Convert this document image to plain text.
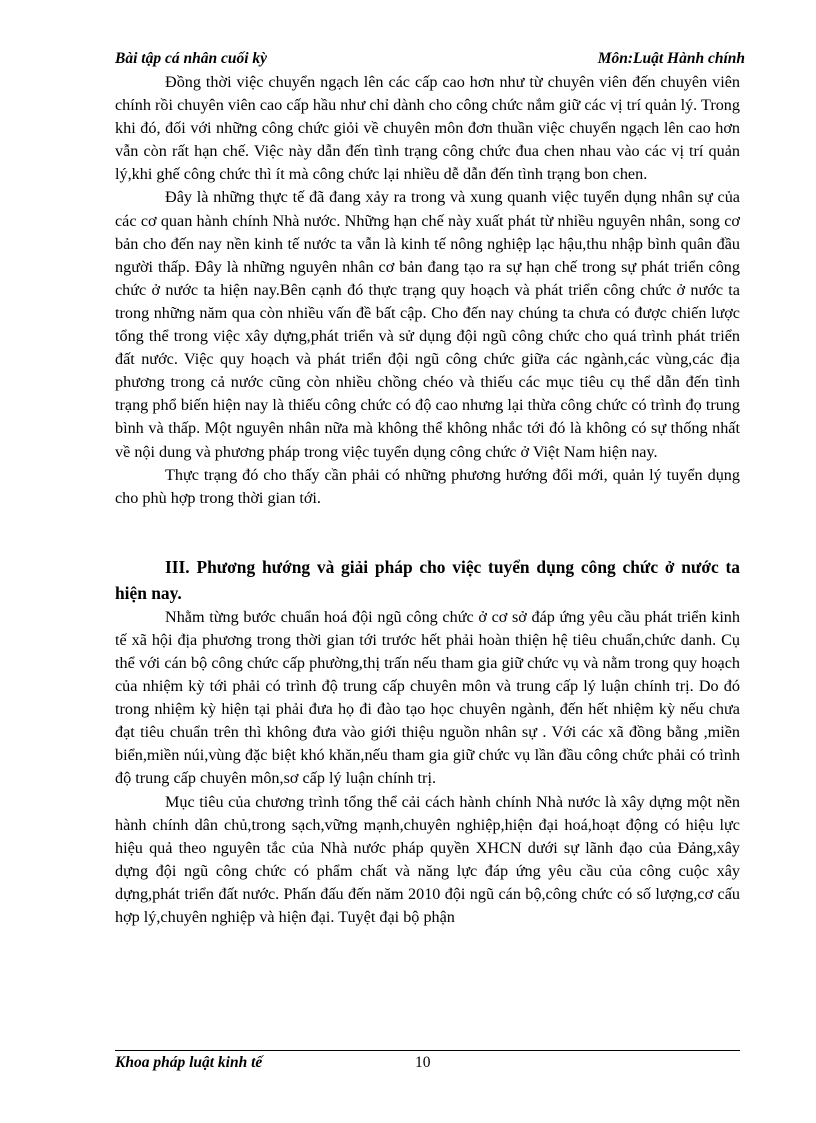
Bài tập cá nhân cuối kỳ	Môn:Luật Hành chính

Đồng thời việc chuyển ngạch lên các cấp cao hơn như từ chuyên viên đến chuyên viên chính rồi chuyên viên cao cấp hầu như chỉ dành cho công chức nắm giữ các vị trí quản lý. Trong khi đó, đối với những công chức giỏi về chuyên môn đơn thuần việc chuyển ngạch lên cao hơn vẫn còn rất hạn chế. Việc này dẫn đến tình trạng công chức đua chen nhau vào các vị trí quản lý,khi ghế công chức thì ít mà công chức lại nhiều dễ dẫn đến tình trạng bon chen.

Đây là những thực tế đã đang xảy ra trong và xung quanh việc tuyển dụng nhân sự của các cơ quan hành chính Nhà nước. Những hạn chế này xuất phát từ nhiều nguyên nhân, song cơ bản cho đến nay nền kinh tế nước ta vẫn là kinh tế nông nghiệp lạc hậu,thu nhập bình quân đầu người thấp. Đây là những nguyên nhân cơ bản đang tạo ra sự hạn chế trong sự phát triển công chức ở nước ta hiện nay.Bên cạnh đó thực trạng quy hoạch và phát triển công chức ở nước ta trong những năm qua còn nhiều vấn đề bất cập. Cho đến nay chúng ta chưa có được chiến lược tổng thể trong việc xây dựng,phát triển và sử dụng đội ngũ công chức cho quá trình phát triển đất nước. Việc quy hoạch và phát triển đội ngũ công chức giữa các ngành,các vùng,các địa phương trong cả nước cũng còn nhiều chồng chéo và thiếu các mục tiêu cụ thể dẫn đến tình trạng phổ biến hiện nay là thiếu công chức có độ cao nhưng lại thừa công chức có trình đọ trung bình và thấp. Một nguyên nhân nữa mà không thể không nhắc tới đó là không có sự thống nhất về nội dung và phương pháp trong việc tuyển dụng công chức ở Việt Nam hiện nay.

Thực trạng đó cho thấy cần phải có những phương hướng đổi mới, quản lý tuyển dụng cho phù hợp trong thời gian tới.

III. Phương hướng và giải pháp cho việc tuyển dụng công chức ở nước ta hiện nay.

Nhằm từng bước chuẩn hoá đội ngũ công chức ở cơ sở đáp ứng yêu cầu phát triển kinh tế xã hội địa phương trong thời gian tới trước hết phải hoàn thiện hệ tiêu chuẩn,chức danh. Cụ thể với cán bộ công chức cấp phường,thị trấn nếu tham gia giữ chức vụ và nằm trong quy hoạch của nhiệm kỳ tới phải có trình độ trung cấp chuyên môn và trung cấp lý luận chính trị. Do đó trong nhiệm kỳ hiện tại phải đưa họ đi đào tạo học chuyên ngành, đến hết nhiệm kỳ nếu chưa đạt tiêu chuẩn trên thì không đưa vào giới thiệu nguồn nhân sự . Với các xã đồng bằng ,miền biển,miền núi,vùng đặc biệt khó khăn,nếu tham gia giữ chức vụ lần đầu công chức phải có trình độ trung cấp chuyên môn,sơ cấp lý luận chính trị.

Mục tiêu của chương trình tổng thể cải cách hành chính Nhà nước là xây dựng một nền hành chính dân chủ,trong sạch,vững mạnh,chuyên nghiệp,hiện đại hoá,hoạt động có hiệu lực hiệu quả theo nguyên tắc của Nhà nước pháp quyền XHCN dưới sự lãnh đạo của Đảng,xây dựng đội ngũ công chức có phẩm chất và năng lực đáp ứng yêu cầu của công cuộc xây dựng,phát triển đất nước. Phấn đấu đến năm 2010 đội ngũ cán bộ,công chức có số lượng,cơ cấu hợp lý,chuyên nghiệp và hiện đại. Tuyệt đại bộ phận

Khoa pháp luật kinh tế	10
